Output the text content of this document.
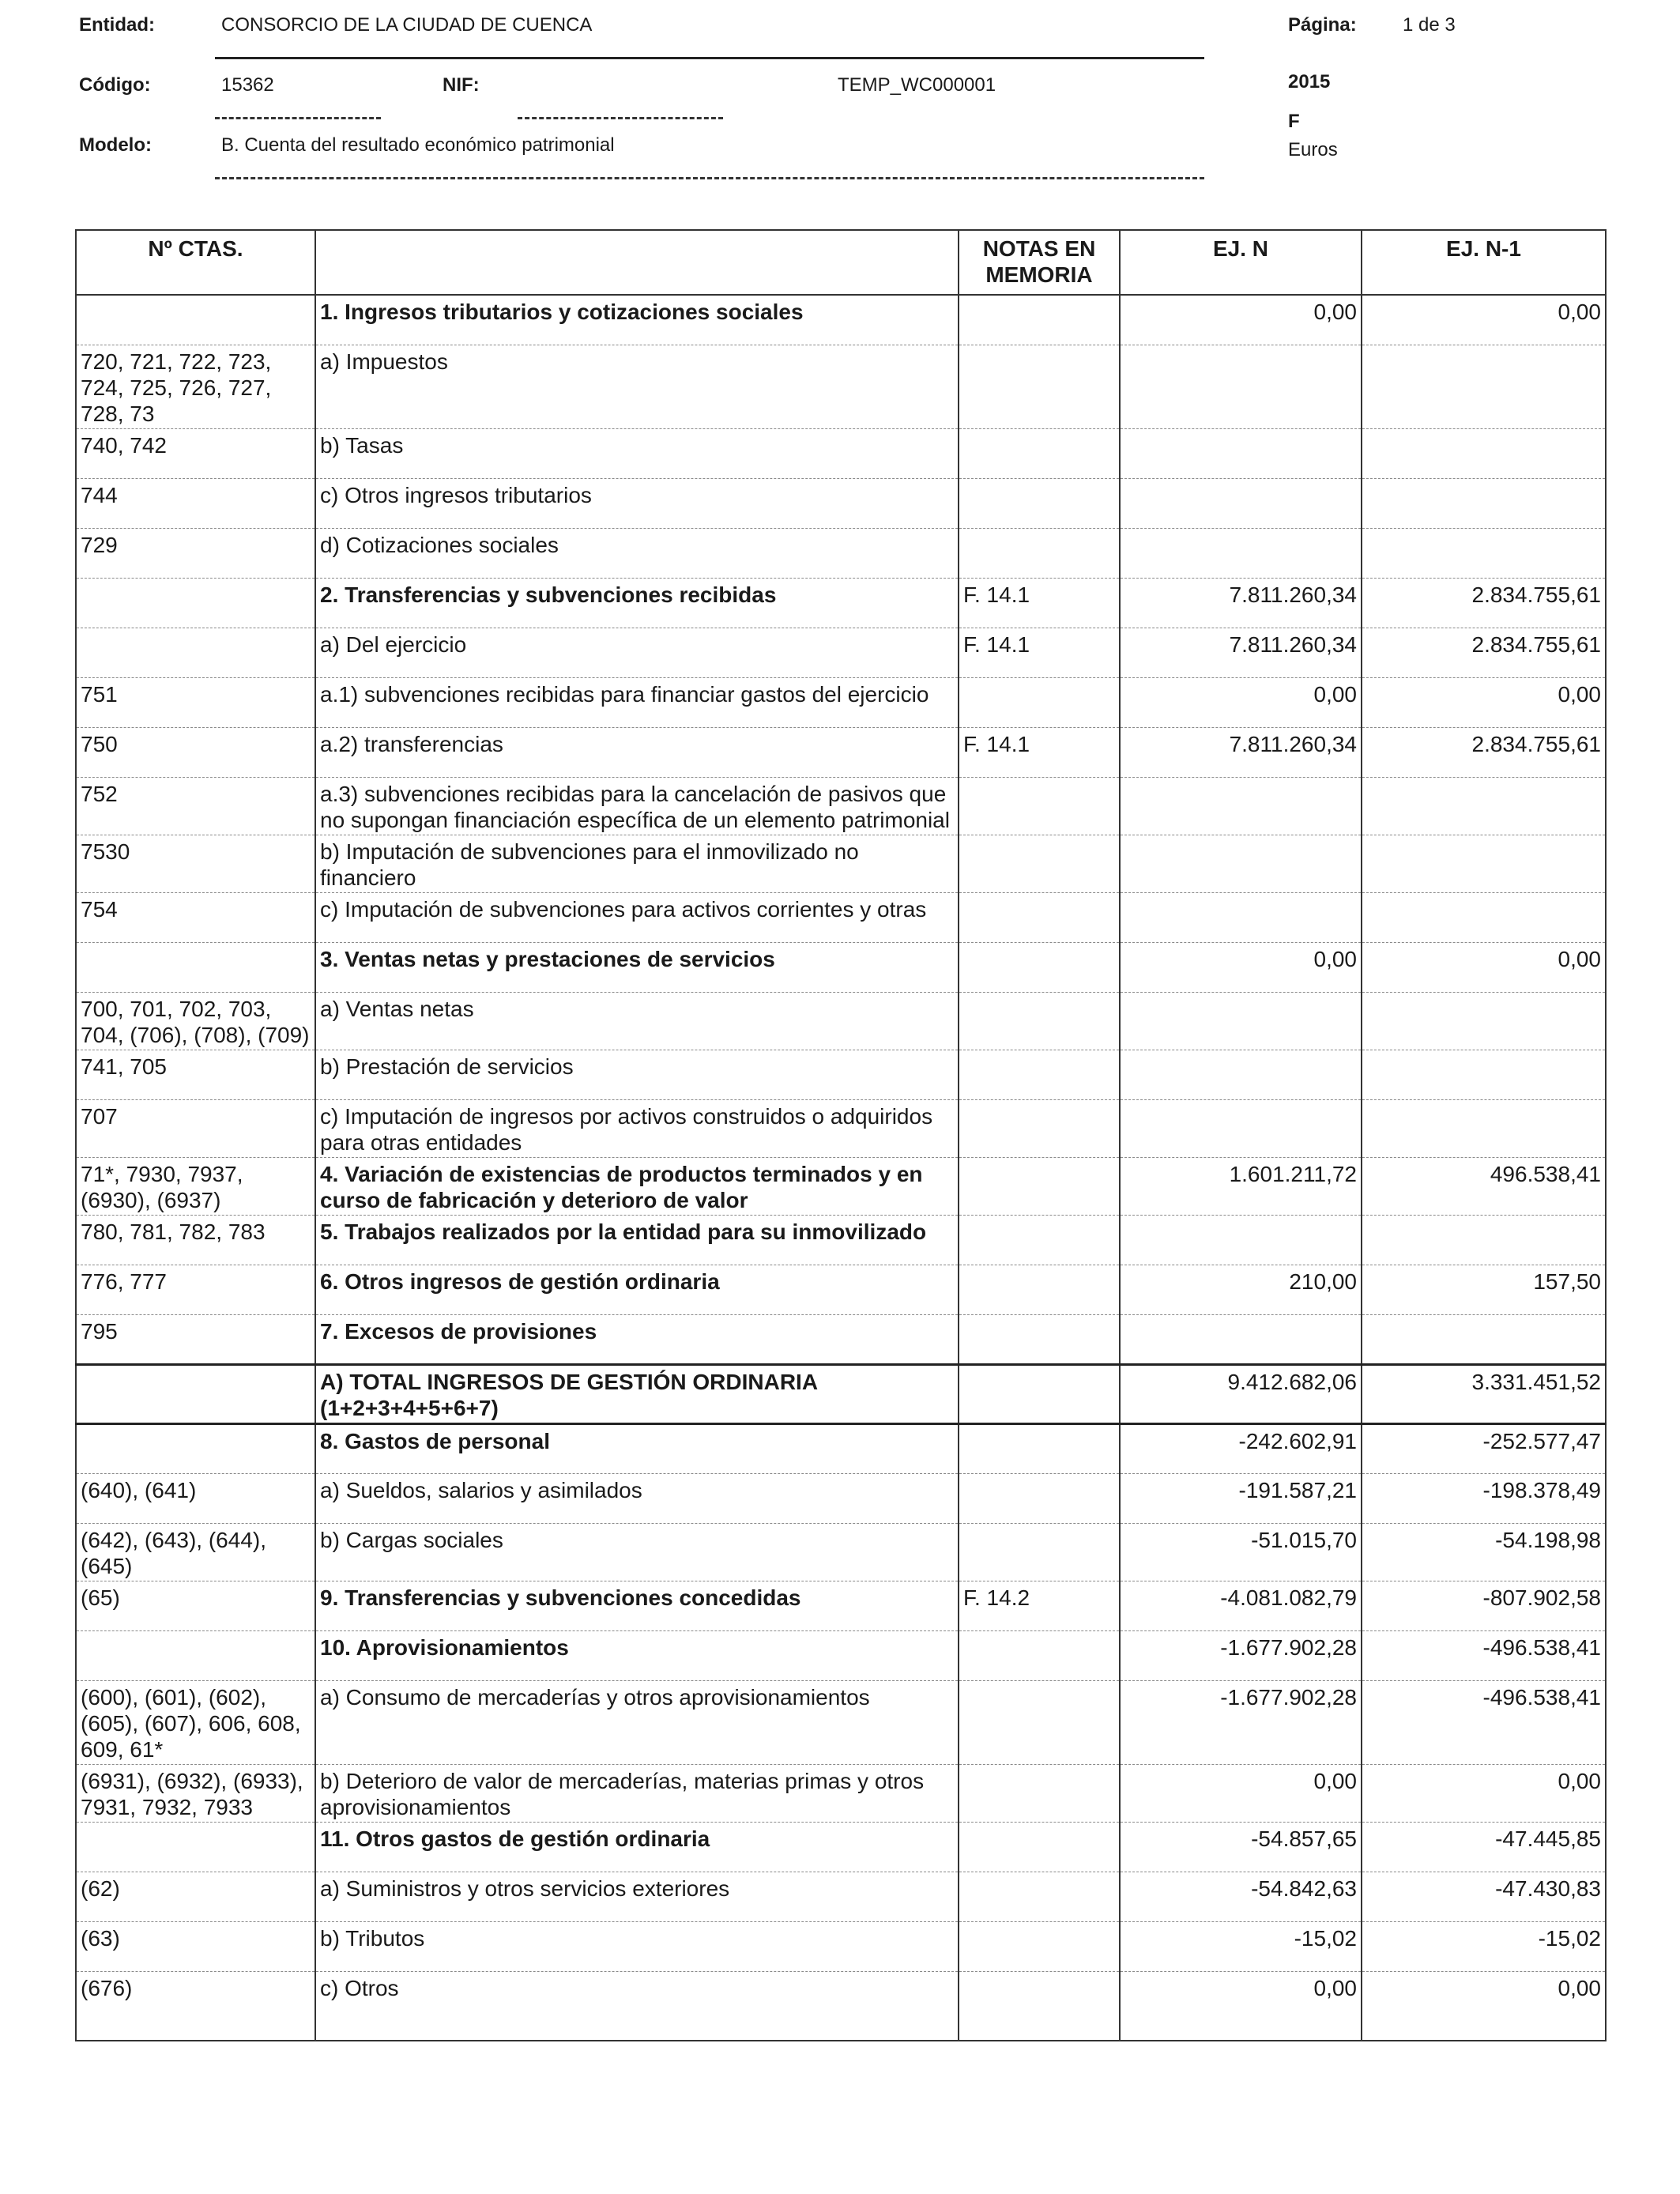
Entidad:	CONSORCIO DE LA CIUDAD DE CUENCA	Página: 1 de 3
Código:	15362	NIF:	TEMP_WC000001	2015
F
Modelo:	B. Cuenta del resultado económico patrimonial	Euros
Nº CTAS.		NOTAS EN MEMORIA	EJ. N	EJ. N-1
	1. Ingresos tributarios y cotizaciones sociales		0,00	0,00
720, 721, 722, 723, 724, 725, 726, 727, 728, 73	a) Impuestos			
740, 742	b) Tasas			
744	c) Otros ingresos tributarios			
729	d) Cotizaciones sociales			
	2. Transferencias y subvenciones recibidas	F. 14.1	7.811.260,34	2.834.755,61
	a) Del ejercicio	F. 14.1	7.811.260,34	2.834.755,61
751	a.1) subvenciones recibidas para financiar gastos del ejercicio		0,00	0,00
750	a.2) transferencias	F. 14.1	7.811.260,34	2.834.755,61
752	a.3) subvenciones recibidas para la cancelación de pasivos que no supongan financiación específica de un elemento patrimonial			
7530	b) Imputación de subvenciones para el inmovilizado no financiero			
754	c) Imputación de subvenciones para activos corrientes y otras			
	3. Ventas netas y prestaciones de servicios		0,00	0,00
700, 701, 702, 703, 704, (706), (708), (709)	a) Ventas netas			
741, 705	b) Prestación de servicios			
707	c) Imputación de ingresos por activos construidos o adquiridos para otras entidades			
71*, 7930, 7937, (6930), (6937)	4. Variación de existencias de productos terminados y en curso de fabricación y deterioro de valor		1.601.211,72	496.538,41
780, 781, 782, 783	5. Trabajos realizados por la entidad para su inmovilizado			
776, 777	6. Otros ingresos de gestión ordinaria		210,00	157,50
795	7. Excesos de provisiones			
	A) TOTAL INGRESOS DE GESTIÓN ORDINARIA (1+2+3+4+5+6+7)		9.412.682,06	3.331.451,52
	8. Gastos de personal		-242.602,91	-252.577,47
(640), (641)	a) Sueldos, salarios y asimilados		-191.587,21	-198.378,49
(642), (643), (644), (645)	b) Cargas sociales		-51.015,70	-54.198,98
(65)	9. Transferencias y subvenciones concedidas	F. 14.2	-4.081.082,79	-807.902,58
	10. Aprovisionamientos		-1.677.902,28	-496.538,41
(600), (601), (602), (605), (607), 606, 608, 609, 61*	a) Consumo de mercaderías y otros aprovisionamientos		-1.677.902,28	-496.538,41
(6931), (6932), (6933), 7931, 7932, 7933	b) Deterioro de valor de mercaderías, materias primas y otros aprovisionamientos		0,00	0,00
	11. Otros gastos de gestión ordinaria		-54.857,65	-47.445,85
(62)	a) Suministros y otros servicios exteriores		-54.842,63	-47.430,83
(63)	b) Tributos		-15,02	-15,02
(676)	c) Otros		0,00	0,00
